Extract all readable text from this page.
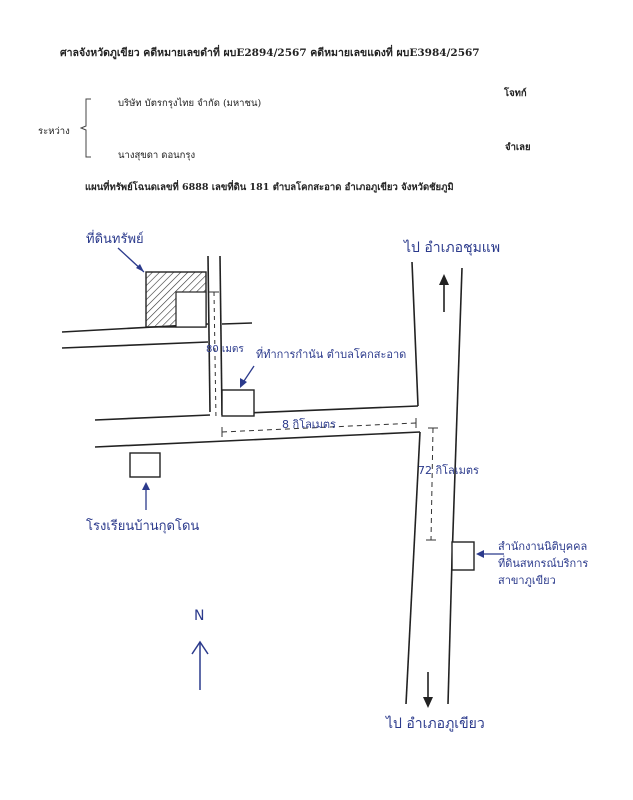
ศาลจังหวัดภูเขียว คดีหมายเลขดำที่ ผบE2894/2567 คดีหมายเลขแดงที่ ผบE3984/2567
บริษัท บัตรกรุงไทย จำกัด (มหาชน)
โจทก์
ระหว่าง
นางสุขดา ดอนกรุง
จำเลย
แผนที่ทรัพย์โฉนดเลขที่ 6888 เลขที่ดิน 181 ตำบลโคกสะอาด อำเภอภูเขียว จังหวัดชัยภูมิ
ที่ดินทรัพย์
80 เมตร ที่ทำการกำนัน ตำบลโคกสะอาด
8 กิโลเมตร
72 กิโลเมตร
โรงเรียนบ้านกุดโดน
สำนักงานนิติบุคคลที่ดินสหกรณ์บริการ สาขาภูเขียว
ไป อำเภอชุมแพ
ไป อำเภอภูเขียว
N
